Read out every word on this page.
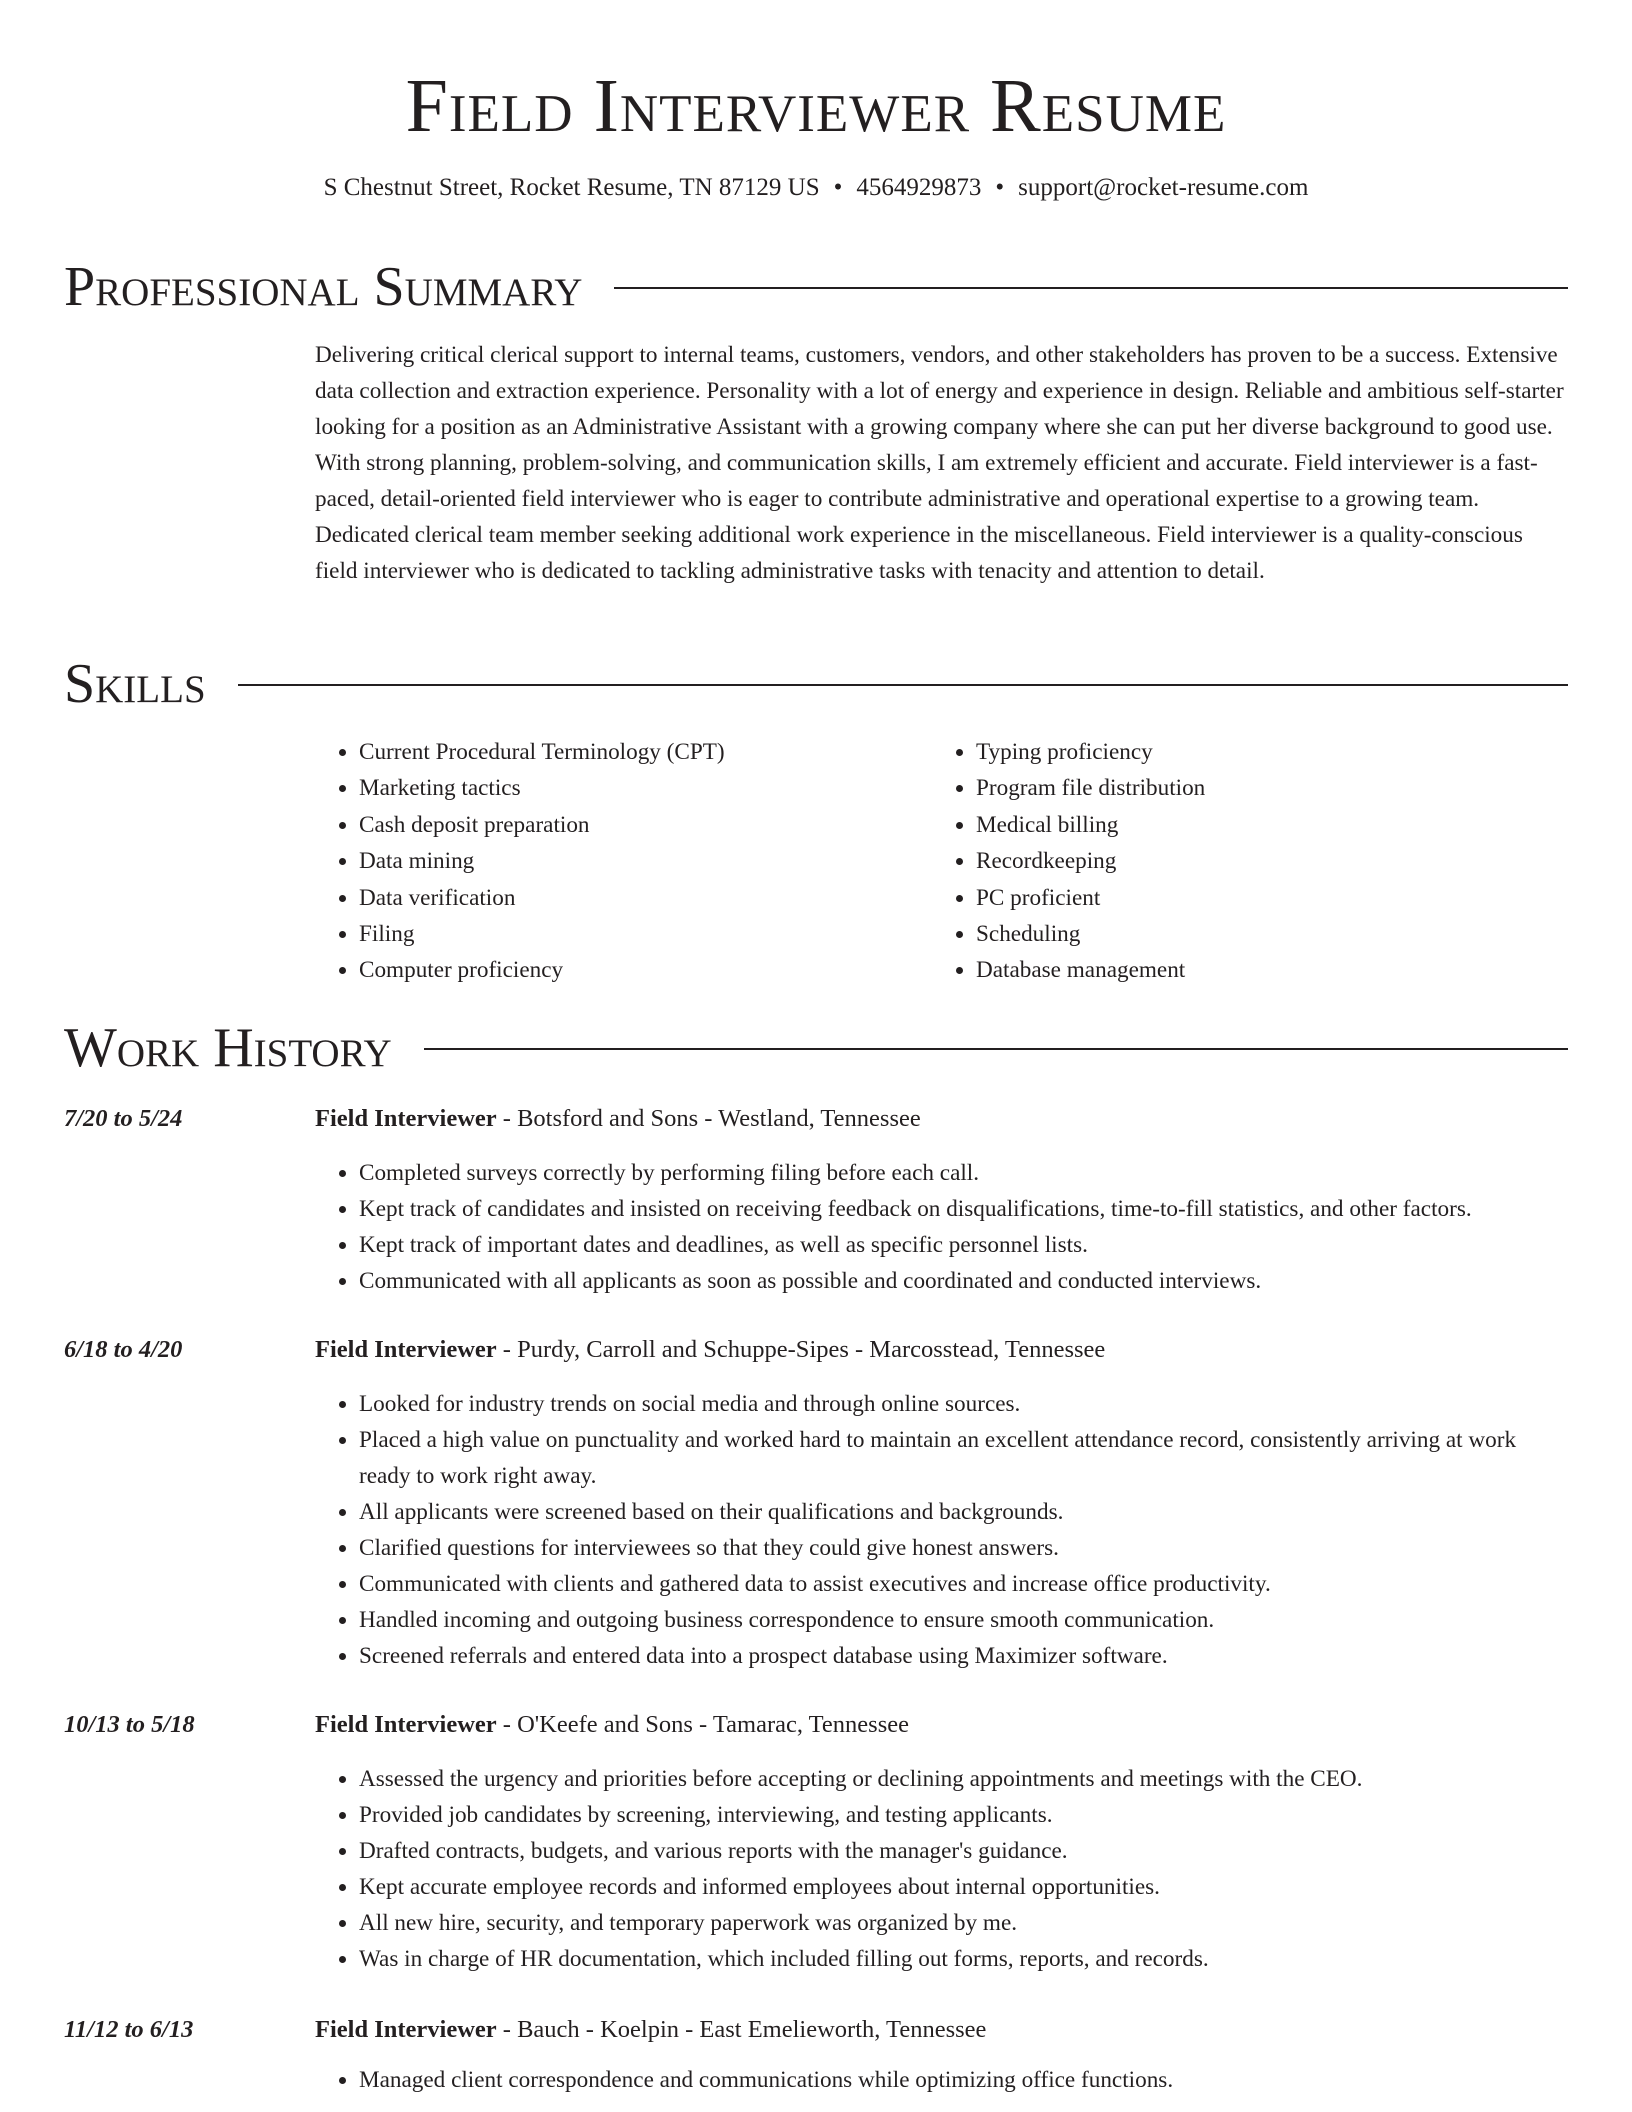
Field Interviewer Resume
S Chestnut Street, Rocket Resume, TN 87129 US • 4564929873 • support@rocket-resume.com
Professional Summary

Delivering critical clerical support to internal teams, customers, vendors, and other stakeholders has proven to be a success. Extensive data collection and extraction experience. Personality with a lot of energy and experience in design. Reliable and ambitious self-starter looking for a position as an Administrative Assistant with a growing company where she can put her diverse background to good use. With strong planning, problem-solving, and communication skills, I am extremely efficient and accurate. Field interviewer is a fast-paced, detail-oriented field interviewer who is eager to contribute administrative and operational expertise to a growing team. Dedicated clerical team member seeking additional work experience in the miscellaneous. Field interviewer is a quality-conscious field interviewer who is dedicated to tackling administrative tasks with tenacity and attention to detail.

Skills
• Current Procedural Terminology (CPT)
• Marketing tactics
• Cash deposit preparation
• Data mining
• Data verification
• Filing
• Computer proficiency
• Typing proficiency
• Program file distribution
• Medical billing
• Recordkeeping
• PC proficient
• Scheduling
• Database management
Work History
7/20 to 5/24	Field Interviewer - Botsford and Sons - Westland, Tennessee
• Completed surveys correctly by performing filing before each call.
• Kept track of candidates and insisted on receiving feedback on disqualifications, time-to-fill statistics, and other factors.
• Kept track of important dates and deadlines, as well as specific personnel lists.
• Communicated with all applicants as soon as possible and coordinated and conducted interviews.
6/18 to 4/20	Field Interviewer - Purdy, Carroll and Schuppe-Sipes - Marcosstead, Tennessee
• Looked for industry trends on social media and through online sources.
• Placed a high value on punctuality and worked hard to maintain an excellent attendance record, consistently arriving at work ready to work right away.
• All applicants were screened based on their qualifications and backgrounds.
• Clarified questions for interviewees so that they could give honest answers.
• Communicated with clients and gathered data to assist executives and increase office productivity.
• Handled incoming and outgoing business correspondence to ensure smooth communication.
• Screened referrals and entered data into a prospect database using Maximizer software.
10/13 to 5/18	Field Interviewer - O'Keefe and Sons - Tamarac, Tennessee
• Assessed the urgency and priorities before accepting or declining appointments and meetings with the CEO.
• Provided job candidates by screening, interviewing, and testing applicants.
• Drafted contracts, budgets, and various reports with the manager's guidance.
• Kept accurate employee records and informed employees about internal opportunities.
• All new hire, security, and temporary paperwork was organized by me.
• Was in charge of HR documentation, which included filling out forms, reports, and records.
11/12 to 6/13	Field Interviewer - Bauch - Koelpin - East Emelieworth, Tennessee
• Managed client correspondence and communications while optimizing office functions.
